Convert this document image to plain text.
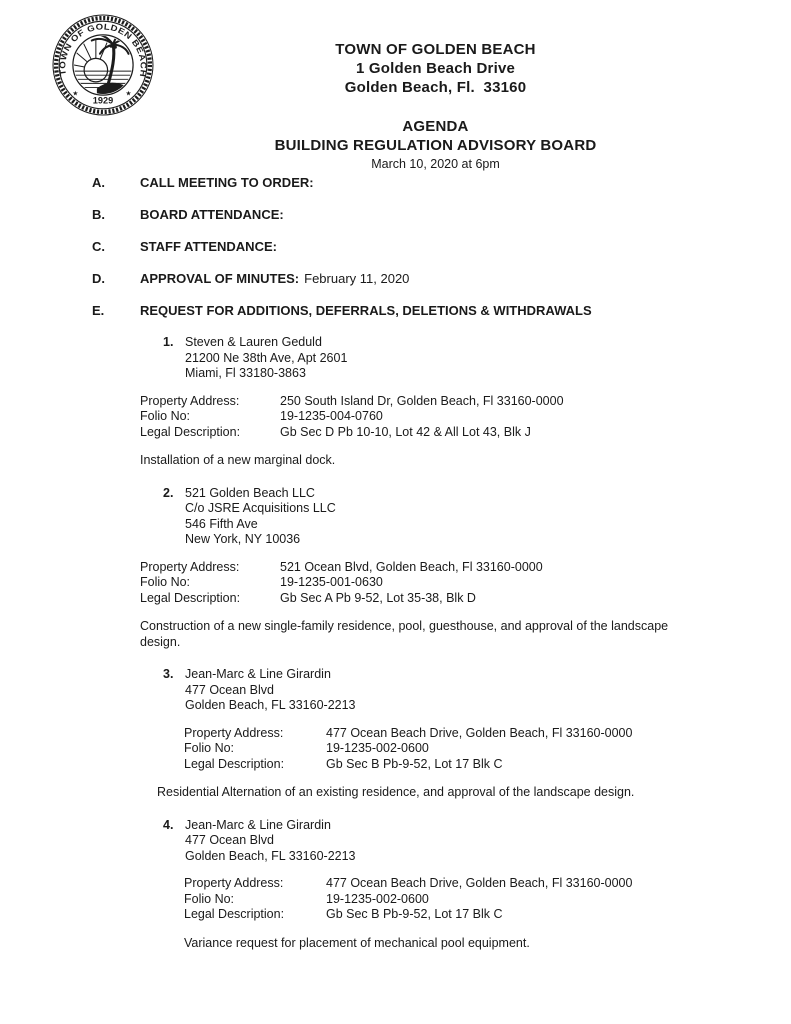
TOWN OF GOLDEN BEACH
1929
★	★
TOWN OF GOLDEN BEACH
1 Golden Beach Drive
Golden Beach, Fl.  33160
AGENDA
BUILDING REGULATION ADVISORY BOARD
March 10, 2020 at 6pm
A.	CALL MEETING TO ORDER:
B.	BOARD ATTENDANCE:
C.	STAFF ATTENDANCE:
D.	APPROVAL OF MINUTES: February 11, 2020
E.	REQUEST FOR ADDITIONS, DEFERRALS, DELETIONS & WITHDRAWALS
1. Steven & Lauren Geduld
21200 Ne 38th Ave, Apt 2601
Miami, Fl 33180-3863
Property Address:	250 South Island Dr, Golden Beach, Fl 33160-0000
Folio No:	19-1235-004-0760
Legal Description:	Gb Sec D Pb 10-10, Lot 42 & All Lot 43, Blk J
Installation of a new marginal dock.
2. 521 Golden Beach LLC
C/o JSRE Acquisitions LLC
546 Fifth Ave
New York, NY 10036
Property Address:	521 Ocean Blvd, Golden Beach, Fl 33160-0000
Folio No:	19-1235-001-0630
Legal Description:	Gb Sec A Pb 9-52, Lot 35-38, Blk D
Construction of a new single-family residence, pool, guesthouse, and approval of the landscape design.
3. Jean-Marc & Line Girardin
477 Ocean Blvd
Golden Beach, FL 33160-2213
Property Address:	477 Ocean Beach Drive, Golden Beach, Fl 33160-0000
Folio No:	19-1235-002-0600
Legal Description:	Gb Sec B Pb-9-52, Lot 17 Blk C
Residential Alternation of an existing residence, and approval of the landscape design.
4. Jean-Marc & Line Girardin
477 Ocean Blvd
Golden Beach, FL 33160-2213
Property Address:	477 Ocean Beach Drive, Golden Beach, Fl 33160-0000
Folio No:	19-1235-002-0600
Legal Description:	Gb Sec B Pb-9-52, Lot 17 Blk C
Variance request for placement of mechanical pool equipment.
